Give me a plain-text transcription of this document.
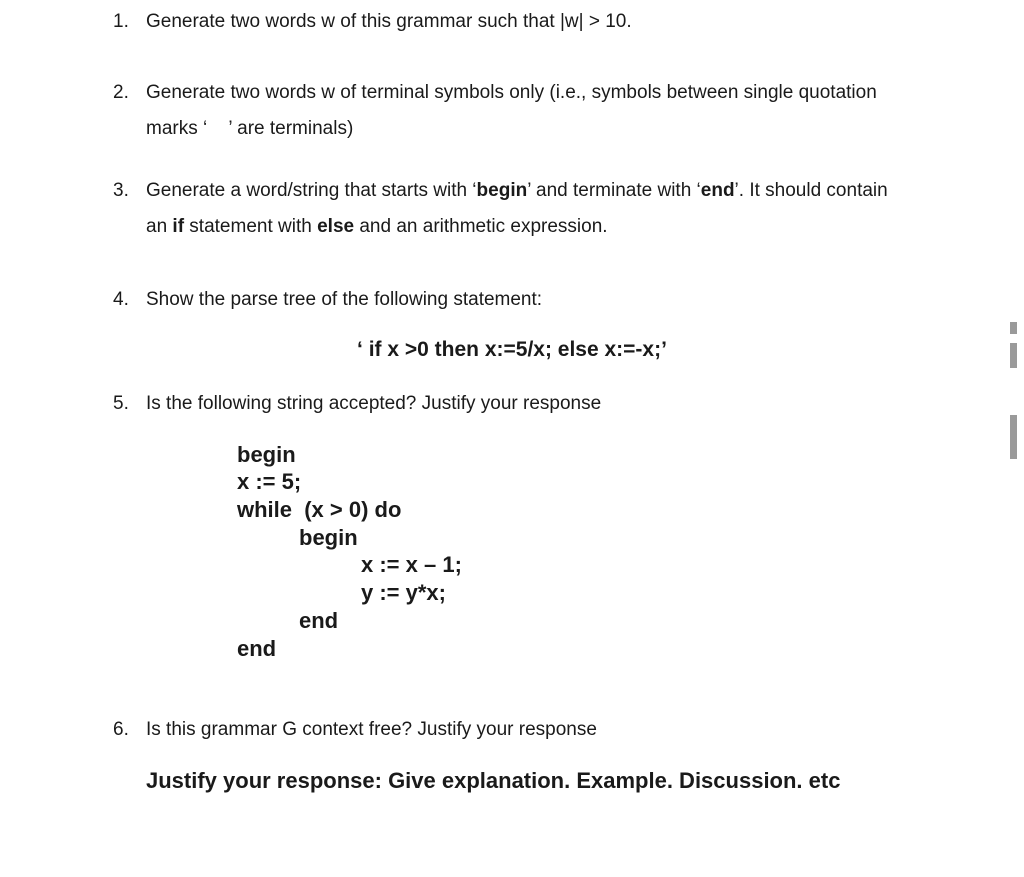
1. Generate two words w of this grammar such that |w| > 10.
2. Generate two words w of terminal symbols only (i.e., symbols between single quotation
marks ‘    ’ are terminals)
3. Generate a word/string that starts with ‘begin’ and terminate with ‘end’. It should contain
an if statement with else and an arithmetic expression.
4. Show the parse tree of the following statement:
‘ if x >0 then x:=5/x; else x:=-x;’
5. Is the following string accepted? Justify your response
begin
x := 5;
while  (x > 0) do
begin
x := x – 1;
y := y*x;
end
end
6. Is this grammar G context free? Justify your response
Justify your response: Give explanation. Example. Discussion. etc
